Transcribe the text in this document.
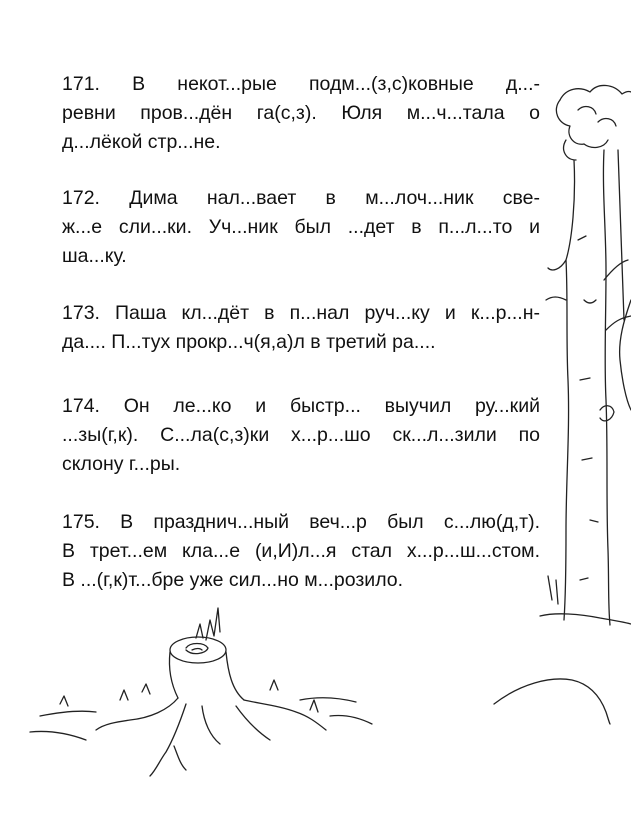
171. В некот...рые подм...(з,с)ковные д...-
ревни пров...дён га(с,з). Юля м...ч...тала о
д...лёкой стр...не.
172. Дима нал...вает в м...лоч...ник све-
ж...е сли...ки. Уч...ник был ...дет в п...л...то и
ша...ку.
173. Паша кл...дёт в п...нал руч...ку и к...р...н-
да.... П...тух прокр...ч(я,а)л в третий ра....
174. Он ле...ко и быстр... выучил ру...кий
...зы(г,к). С...ла(с,з)ки х...р...шо ск...л...зили по
склону г...ры.
175. В празднич...ный веч...р был с...лю(д,т).
В трет...ем кла...е (и,И)л...я стал х...р...ш...стом.
В ...(г,к)т...бре уже сил...но м...розило.
